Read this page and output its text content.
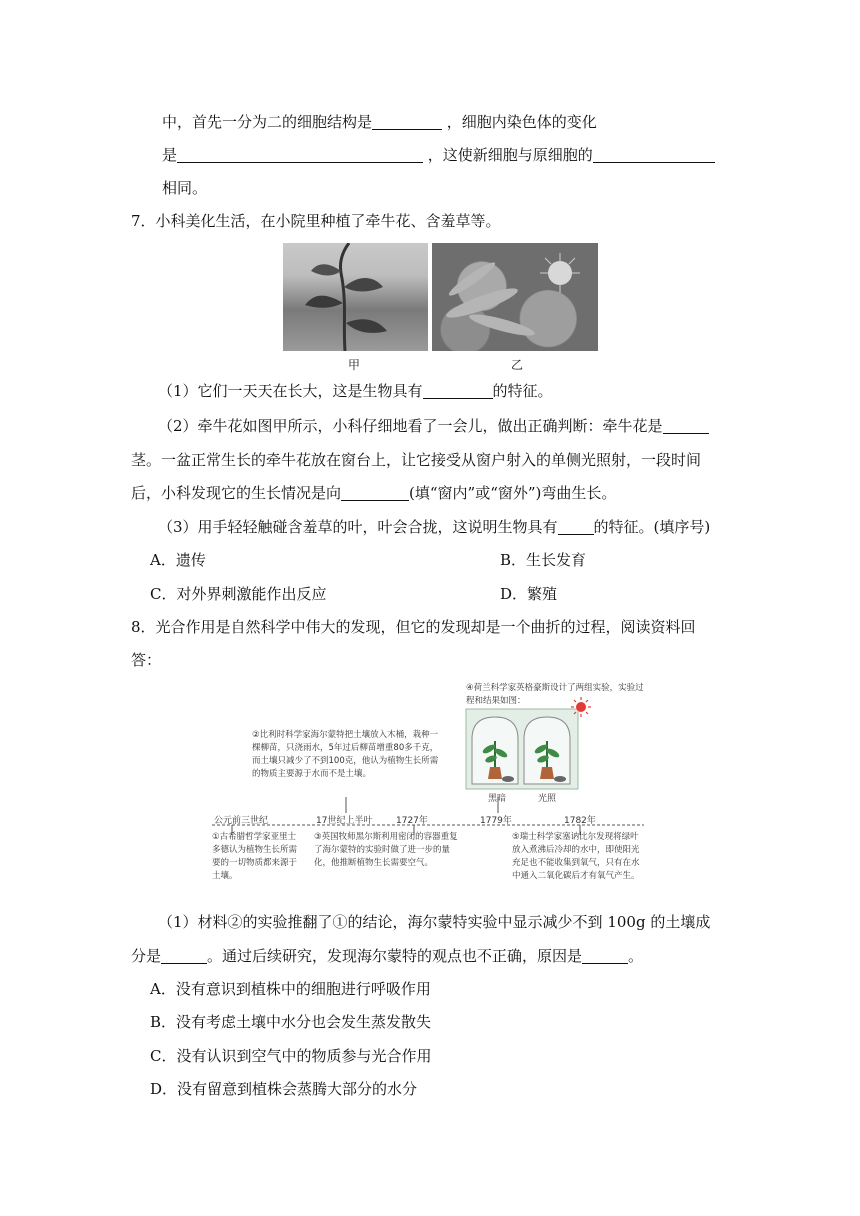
中，首先一分为二的细胞结构是	，细胞内染色体的变化
是	，这使新细胞与原细胞的
相同。
7．小科美化生活，在小院里种植了牵牛花、含羞草等。
甲	乙
（1）它们一天天在长大，这是生物具有	的特征。
（2）牵牛花如图甲所示，小科仔细地看了一会儿，做出正确判断：牵牛花是
茎。一盆正常生长的牵牛花放在窗台上，让它接受从窗户射入的单侧光照射，一段时间
后，小科发现它的生长情况是向	(填“窗内”或“窗外”)弯曲生长。
（3）用手轻轻触碰含羞草的叶，叶会合拢，这说明生物具有 的特征。(填序号)
A．遗传	B．生长发育
C．对外界刺激能作出反应	D．繁殖
8．光合作用是自然科学中伟大的发现，但它的发现却是一个曲折的过程，阅读资料回
答：
④荷兰科学家英格豪斯设计了两组实验，实验过程和结果如图：
②比利时科学家海尔蒙特把土壤放入木桶，栽种一棵柳苗，只浇雨水，5年过后柳苗增重80多千克，而土壤只减少了不到100克，他认为植物生长所需的物质主要源于水而不是土壤。
黑暗	光照
公元前三世纪	17世纪上半叶	1727年	1779年	1782年
①古希腊哲学家亚里士多德认为植物生长所需要的一切物质都来源于土壤。
③英国牧师黑尔斯利用密闭的容器重复了海尔蒙特的实验时做了进一步的量化，他推断植物生长需要空气。
⑤瑞士科学家塞讷比尔发现将绿叶放入煮沸后冷却的水中，即使阳光充足也不能收集到氧气，只有在水中通入二氧化碳后才有氧气产生。
（1）材料②的实验推翻了①的结论，海尔蒙特实验中显示减少不到 100g 的土壤成
分是	。通过后续研究，发现海尔蒙特的观点也不正确，原因是	。
A．没有意识到植株中的细胞进行呼吸作用
B．没有考虑土壤中水分也会发生蒸发散失
C．没有认识到空气中的物质参与光合作用
D．没有留意到植株会蒸腾大部分的水分
